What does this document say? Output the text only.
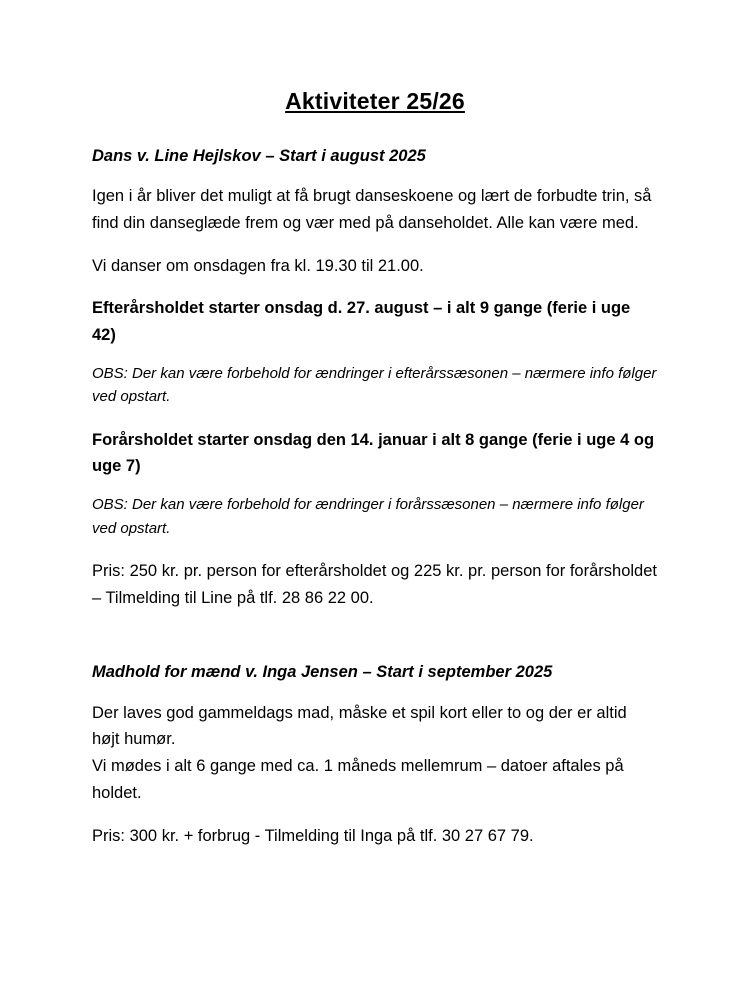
Aktiviteter 25/26
Dans v. Line Hejlskov – Start i august 2025

Igen i år bliver det muligt at få brugt danseskoene og lært de forbudte trin, så find din danseglæde frem og vær med på danseholdet. Alle kan være med.

Vi danser om onsdagen fra kl. 19.30 til 21.00.

Efterårsholdet starter onsdag d. 27. august – i alt 9 gange (ferie i uge 42)
OBS: Der kan være forbehold for ændringer i efterårssæsonen – nærmere info følger ved opstart.
Forårsholdet starter onsdag den 14. januar i alt 8 gange (ferie i uge 4 og uge 7)
OBS: Der kan være forbehold for ændringer i forårssæsonen – nærmere info følger ved opstart.

Pris: 250 kr. pr. person for efterårsholdet og 225 kr. pr. person for forårsholdet – Tilmelding til Line på tlf. 28 86 22 00.

Madhold for mænd v. Inga Jensen – Start i september 2025

Der laves god gammeldags mad, måske et spil kort eller to og der er altid højt humør.

Vi mødes i alt 6 gange med ca. 1 måneds mellemrum – datoer aftales på holdet.

Pris: 300 kr. + forbrug - Tilmelding til Inga på tlf. 30 27 67 79.
